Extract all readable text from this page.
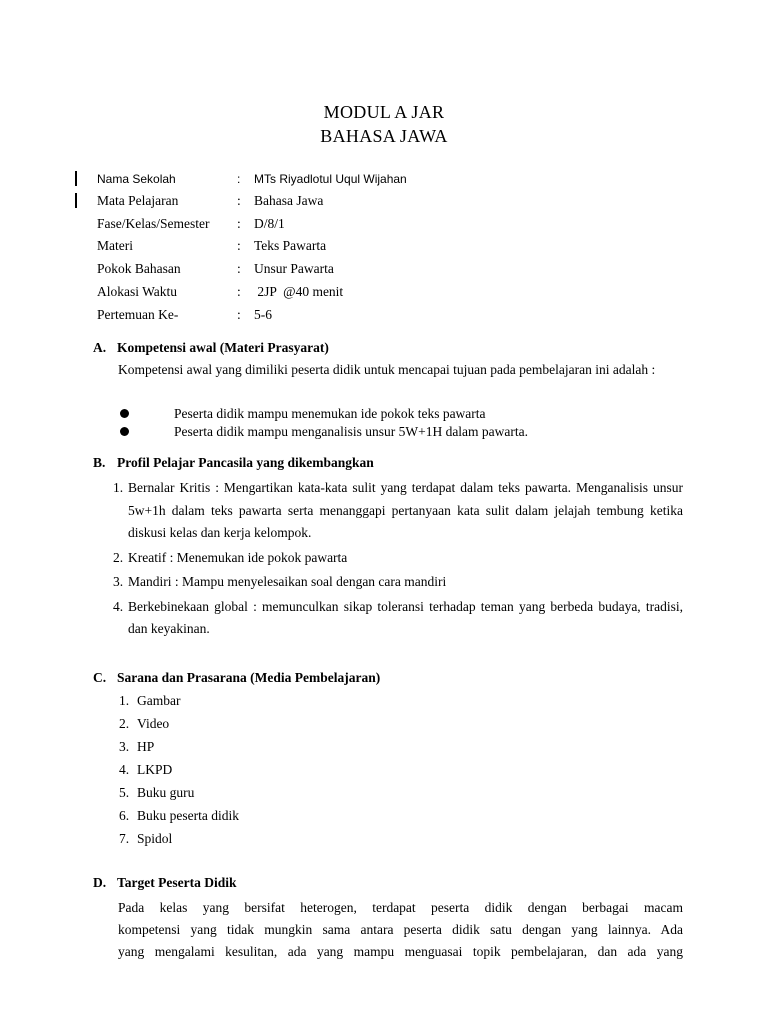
MODUL A JAR
BAHASA JAWA
Nama Sekolah	: MTs Riyadlotul Uqul Wijahan
Mata Pelajaran	: Bahasa Jawa
Fase/Kelas/Semester : D/8/1
Materi	: Teks Pawarta
Pokok Bahasan	: Unsur Pawarta
Alokasi Waktu	: 2JP  @40 menit
Pertemuan Ke-	: 5-6
A. Kompetensi awal (Materi Prasyarat)
Kompetensi awal yang dimiliki peserta didik untuk mencapai tujuan pada pembelajaran ini adalah :
Peserta didik mampu menemukan ide pokok teks pawarta
Peserta didik mampu menganalisis unsur 5W+1H dalam pawarta.
B. Profil Pelajar Pancasila yang dikembangkan
1. Bernalar Kritis : Mengartikan kata-kata sulit yang terdapat dalam teks pawarta. Menganalisis unsur 5w+1h dalam teks pawarta serta menanggapi pertanyaan kata sulit dalam jelajah tembung ketika diskusi kelas dan kerja kelompok.
2. Kreatif : Menemukan ide pokok pawarta
3. Mandiri : Mampu menyelesaikan soal dengan cara mandiri
4. Berkebinekaan global : memunculkan sikap toleransi terhadap teman yang berbeda budaya, tradisi, dan keyakinan.
C. Sarana dan Prasarana (Media Pembelajaran)
1. Gambar
2. Video
3. HP
4. LKPD
5. Buku guru
6. Buku peserta didik
7. Spidol
D. Target Peserta Didik
Pada kelas yang bersifat heterogen, terdapat peserta didik dengan berbagai macam
kompetensi yang tidak mungkin sama antara peserta didik satu dengan yang lainnya. Ada
yang mengalami kesulitan, ada yang mampu menguasai topik pembelajaran, dan ada yang
